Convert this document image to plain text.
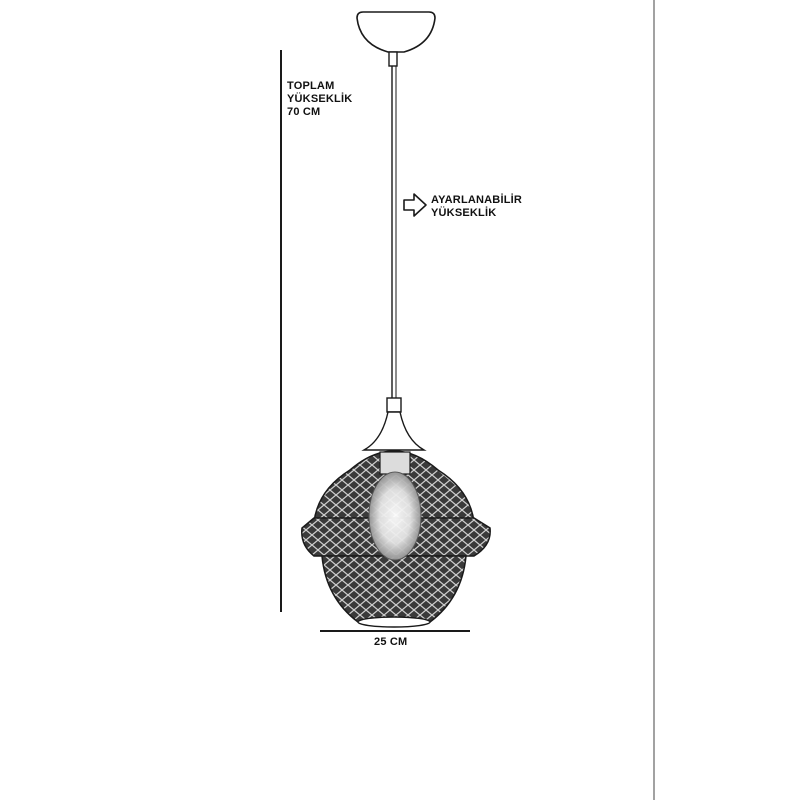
TOPLAM
YÜKSEKLİK
70 CM
AYARLANABİLİR
YÜKSEKLİK
25 CM
